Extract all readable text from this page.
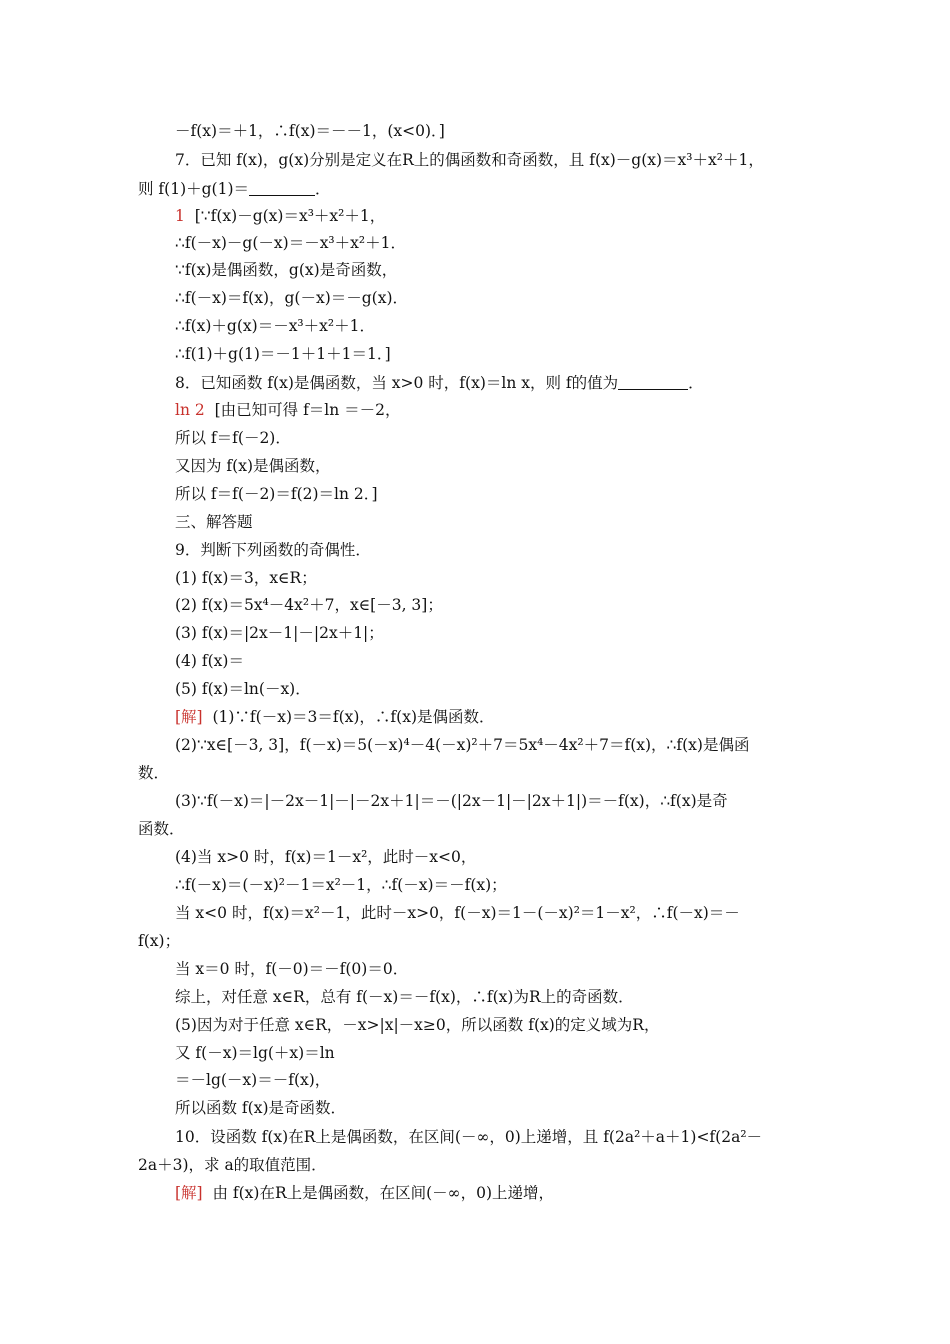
－f(x)＝＋1，∴f(x)＝－－1，(x<0)．]
7．已知 f(x)，g(x)分别是定义在R上的偶函数和奇函数，且 f(x)－g(x)＝x³＋x²＋1，
则 f(1)＋g(1)＝	．
1 [∵f(x)－g(x)＝x³＋x²＋1，
∴f(－x)－g(－x)＝－x³＋x²＋1．
∵f(x)是偶函数，g(x)是奇函数，
∴f(－x)＝f(x)，g(－x)＝－g(x)．
∴f(x)＋g(x)＝－x³＋x²＋1．
∴f(1)＋g(1)＝－1＋1＋1＝1．]
8．已知函数 f(x)是偶函数，当 x>0 时，f(x)＝ln x，则 f的值为	．
ln 2 [由已知可得 f＝ln ＝－2，
所以 f＝f(－2)．
又因为 f(x)是偶函数，
所以 f＝f(－2)＝f(2)＝ln 2．]
三、解答题
9．判断下列函数的奇偶性．
(1) f(x)＝3，x∈R；
(2) f(x)＝5x⁴－4x²＋7，x∈[－3, 3]；
(3) f(x)＝|2x－1|－|2x＋1|；
(4) f(x)＝
(5) f(x)＝ln(－x)．
[解] (1)∵f(－x)＝3＝f(x)，∴f(x)是偶函数．
(2)∵x∈[－3, 3]，f(－x)＝5(－x)⁴－4(－x)²＋7＝5x⁴－4x²＋7＝f(x)，∴f(x)是偶函
数．
(3)∵f(－x)＝|－2x－1|－|－2x＋1|＝－(|2x－1|－|2x＋1|)＝－f(x)，∴f(x)是奇
函数．
(4)当 x>0 时，f(x)＝1－x²，此时－x<0，
∴f(－x)＝(－x)²－1＝x²－1，∴f(－x)＝－f(x)；
当 x<0 时，f(x)＝x²－1，此时－x>0，f(－x)＝1－(－x)²＝1－x²，∴f(－x)＝－
f(x)；
当 x＝0 时，f(－0)＝－f(0)＝0．
综上，对任意 x∈R，总有 f(－x)＝－f(x)，∴f(x)为R上的奇函数．
(5)因为对于任意 x∈R，－x>|x|－x≥0，所以函数 f(x)的定义域为R，
又 f(－x)＝lg(＋x)＝ln
＝－lg(－x)＝－f(x)，
所以函数 f(x)是奇函数．
10．设函数 f(x)在R上是偶函数，在区间(－∞，0)上递增，且 f(2a²＋a＋1)<f(2a²－
2a＋3)，求 a的取值范围．
[解] 由 f(x)在R上是偶函数，在区间(－∞，0)上递增，
